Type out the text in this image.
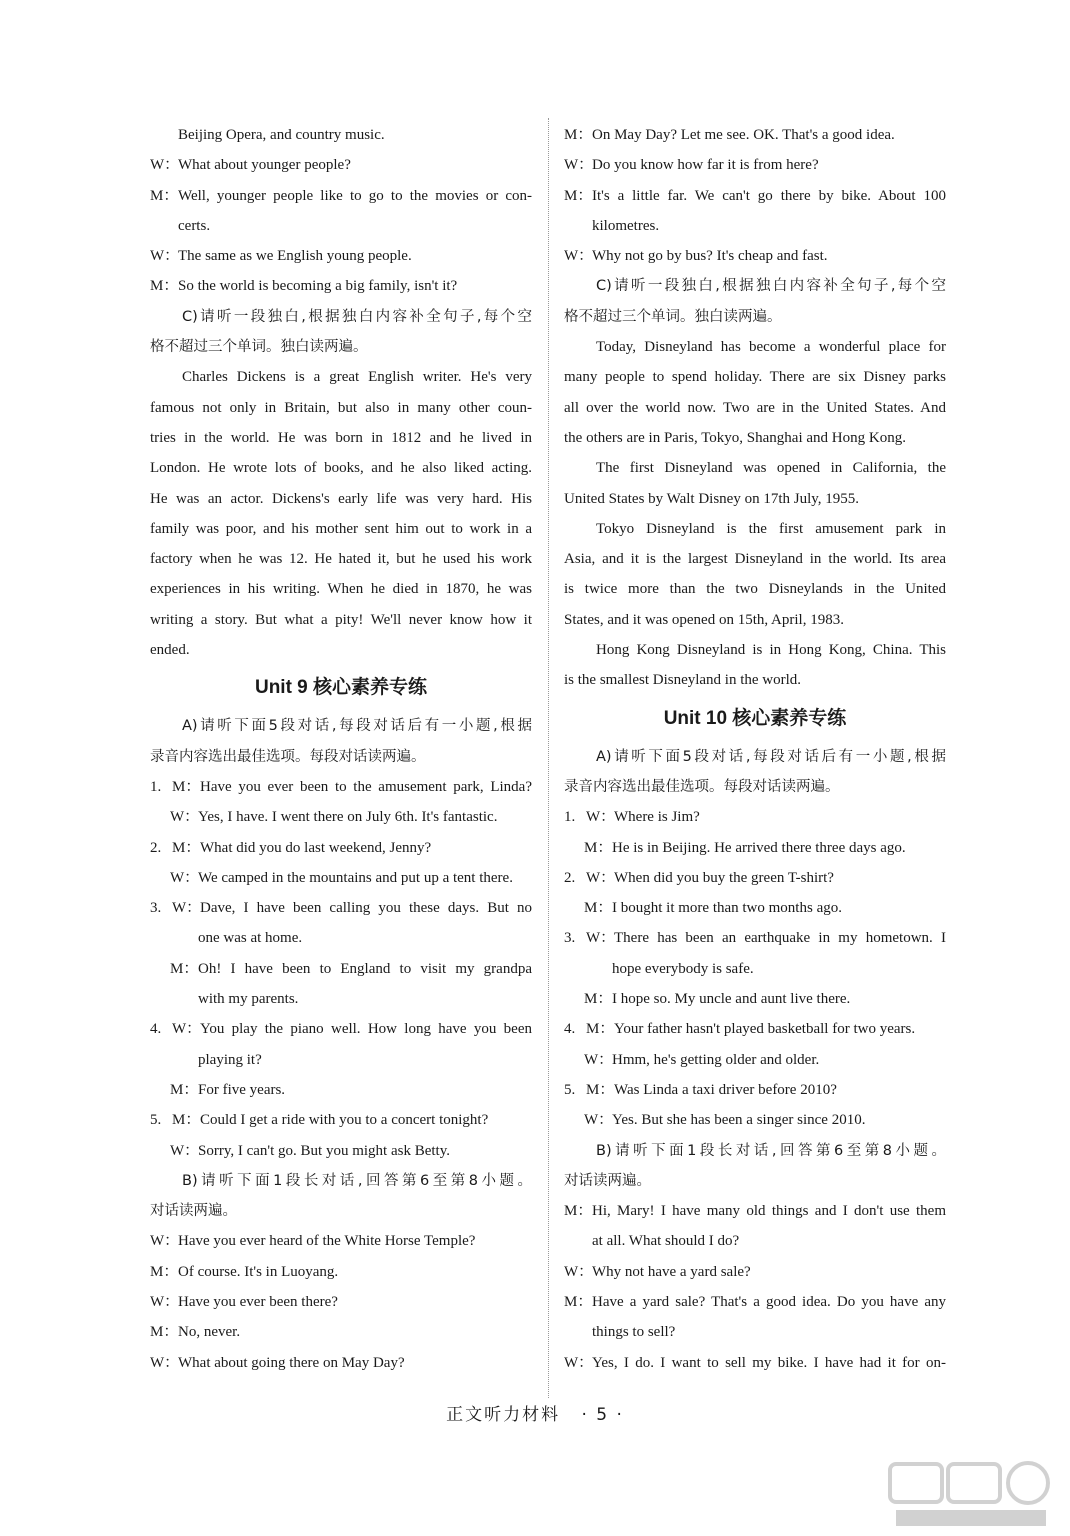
Beijing Opera, and country music.
W：What about younger people?
M：Well, younger people like to go to the movies or con-
certs.
W：The same as we English young people.
M：So the world is becoming a big family, isn't it?
C)请听一段独白,根据独白内容补全句子,每个空
格不超过三个单词。独白读两遍。
Charles Dickens is a great English writer. He's very
famous not only in Britain, but also in many other coun-
tries in the world. He was born in 1812 and he lived in
London. He wrote lots of books, and he also liked acting.
He was an actor. Dickens's early life was very hard. His
family was poor, and his mother sent him out to work in a
factory when he was 12. He hated it, but he used his work
experiences in his writing. When he died in 1870, he was
writing a story. But what a pity! We'll never know how it
ended.
Unit 9 核心素养专练
A)请听下面5段对话,每段对话后有一小题,根据
录音内容选出最佳选项。每段对话读两遍。
1. M：Have you ever been to the amusement park, Linda?
W：Yes, I have. I went there on July 6th. It's fantastic.
2. M：What did you do last weekend, Jenny?
W：We camped in the mountains and put up a tent there.
3. W：Dave, I have been calling you these days. But no
one was at home.
M：Oh! I have been to England to visit my grandpa
with my parents.
4. W：You play the piano well. How long have you been
playing it?
M：For five years.
5. M：Could I get a ride with you to a concert tonight?
W：Sorry, I can't go. But you might ask Betty.
B)请听下面1段长对话,回答第6至第8小题。
对话读两遍。
W：Have you ever heard of the White Horse Temple?
M：Of course. It's in Luoyang.
W：Have you ever been there?
M：No, never.
W：What about going there on May Day?
M：On May Day? Let me see. OK. That's a good idea.
W：Do you know how far it is from here?
M：It's a little far. We can't go there by bike. About 100
kilometres.
W：Why not go by bus? It's cheap and fast.
C)请听一段独白,根据独白内容补全句子,每个空
格不超过三个单词。独白读两遍。
Today, Disneyland has become a wonderful place for
many people to spend holiday. There are six Disney parks
all over the world now. Two are in the United States. And
the others are in Paris, Tokyo, Shanghai and Hong Kong.
The first Disneyland was opened in California, the
United States by Walt Disney on 17th July, 1955.
Tokyo Disneyland is the first amusement park in
Asia, and it is the largest Disneyland in the world. Its area
is twice more than the two Disneylands in the United
States, and it was opened on 15th, April, 1983.
Hong Kong Disneyland is in Hong Kong, China. This
is the smallest Disneyland in the world.
Unit 10 核心素养专练
A)请听下面5段对话,每段对话后有一小题,根据
录音内容选出最佳选项。每段对话读两遍。
1. W：Where is Jim?
M：He is in Beijing. He arrived there three days ago.
2. W：When did you buy the green T-shirt?
M：I bought it more than two months ago.
3. W：There has been an earthquake in my hometown. I
hope everybody is safe.
M：I hope so. My uncle and aunt live there.
4. M：Your father hasn't played basketball for two years.
W：Hmm, he's getting older and older.
5. M：Was Linda a taxi driver before 2010?
W：Yes. But she has been a singer since 2010.
B)请听下面1段长对话,回答第6至第8小题。
对话读两遍。
M：Hi, Mary! I have many old things and I don't use them
at all. What should I do?
W：Why not have a yard sale?
M：Have a yard sale? That's a good idea. Do you have any
things to sell?
W：Yes, I do. I want to sell my bike. I have had it for on-
正文听力材料 · 5 ·
